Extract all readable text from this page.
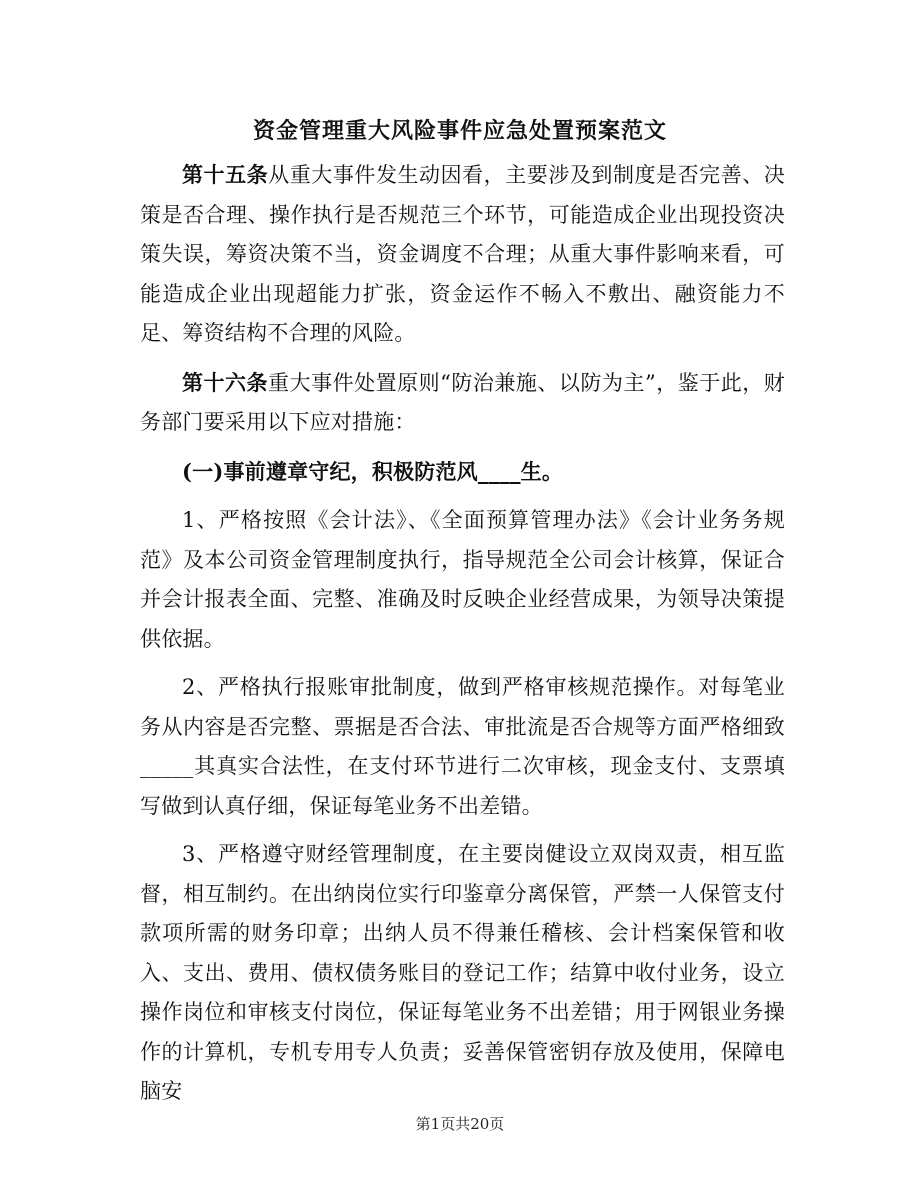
资金管理重大风险事件应急处置预案范文

第十五条从重大事件发生动因看，主要涉及到制度是否完善、决策是否合理、操作执行是否规范三个环节，可能造成企业出现投资决策失误，筹资决策不当，资金调度不合理；从重大事件影响来看，可能造成企业出现超能力扩张，资金运作不畅入不敷出、融资能力不足、筹资结构不合理的风险。

第十六条重大事件处置原则“防治兼施、以防为主”，鉴于此，财务部门要采用以下应对措施：

(一)事前遵章守纪，积极防范风____生。

1、严格按照《会计法》、《全面预算管理办法》《会计业务务规范》及本公司资金管理制度执行，指导规范全公司会计核算，保证合并会计报表全面、完整、准确及时反映企业经营成果，为领导决策提供依据。

2、严格执行报账审批制度，做到严格审核规范操作。对每笔业务从内容是否完整、票据是否合法、审批流是否合规等方面严格细致_____其真实合法性，在支付环节进行二次审核，现金支付、支票填写做到认真仔细，保证每笔业务不出差错。

3、严格遵守财经管理制度，在主要岗健设立双岗双责，相互监督，相互制约。在出纳岗位实行印鉴章分离保管，严禁一人保管支付款项所需的财务印章；出纳人员不得兼任稽核、会计档案保管和收入、支出、费用、债权债务账目的登记工作；结算中收付业务，设立操作岗位和审核支付岗位，保证每笔业务不出差错；用于网银业务操作的计算机，专机专用专人负责；妥善保管密钥存放及使用，保障电脑安

第1页共20页
